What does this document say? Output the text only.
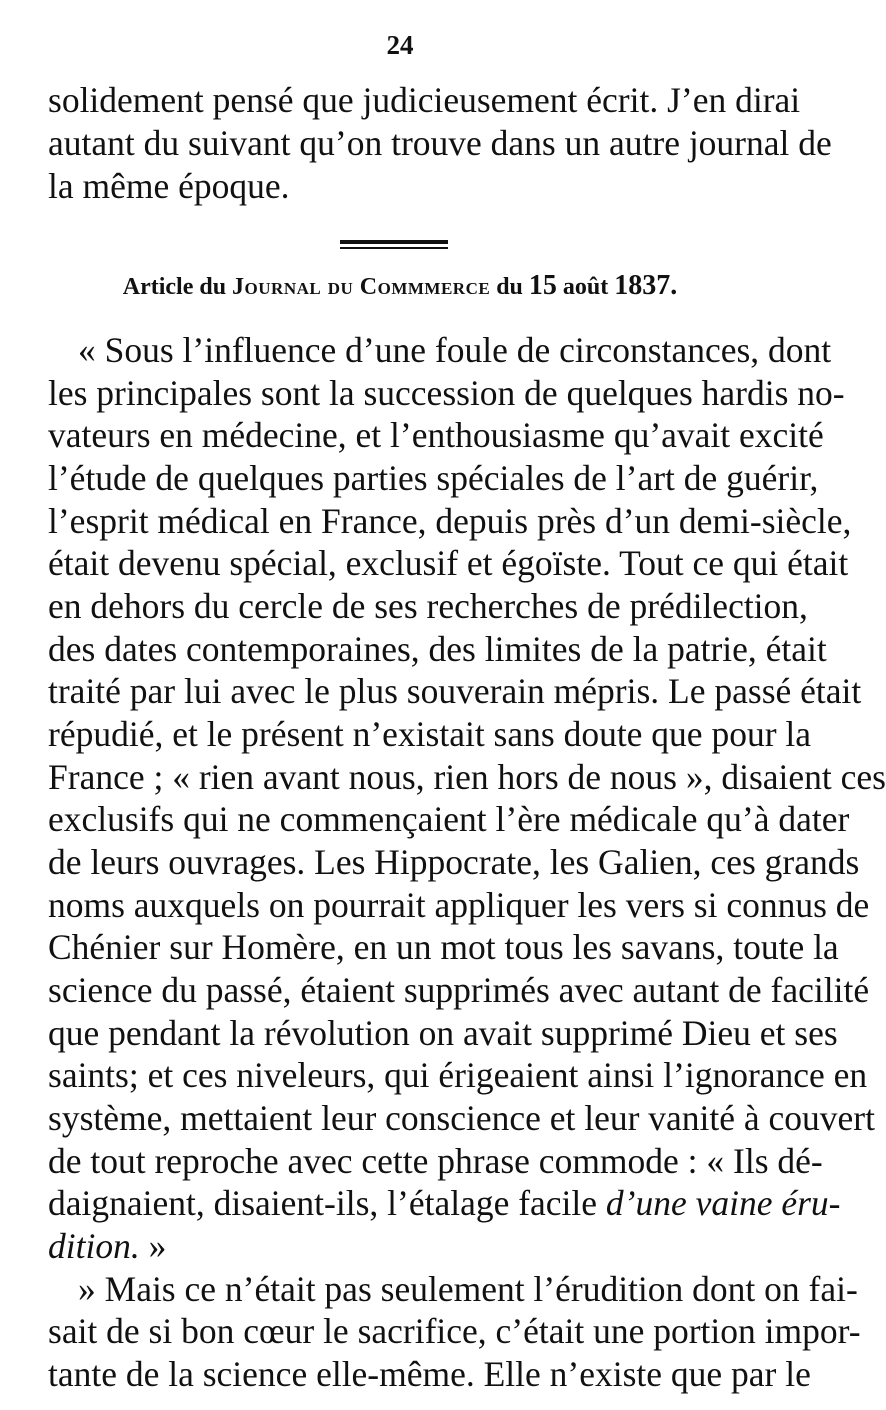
24
solidement pensé que judicieusement écrit. J’en dirai
autant du suivant qu’on trouve dans un autre journal de
la même époque.
Article du Journal du Commmerce du 15 août 1837.
« Sous l’influence d’une foule de circonstances, dont
les principales sont la succession de quelques hardis no-
vateurs en médecine, et l’enthousiasme qu’avait excité
l’étude de quelques parties spéciales de l’art de guérir,
l’esprit médical en France, depuis près d’un demi-siècle,
était devenu spécial, exclusif et égoïste. Tout ce qui était
en dehors du cercle de ses recherches de prédilection,
des dates contemporaines, des limites de la patrie, était
traité par lui avec le plus souverain mépris. Le passé était
répudié, et le présent n’existait sans doute que pour la
France ; « rien avant nous, rien hors de nous », disaient ces
exclusifs qui ne commençaient l’ère médicale qu’à dater
de leurs ouvrages. Les Hippocrate, les Galien, ces grands
noms auxquels on pourrait appliquer les vers si connus de
Chénier sur Homère, en un mot tous les savans, toute la
science du passé, étaient supprimés avec autant de facilité
que pendant la révolution on avait supprimé Dieu et ses
saints; et ces niveleurs, qui érigeaient ainsi l’ignorance en
système, mettaient leur conscience et leur vanité à couvert
de tout reproche avec cette phrase commode : « Ils dé-
daignaient, disaient-ils, l’étalage facile d’une vaine éru-
dition. »
» Mais ce n’était pas seulement l’érudition dont on fai-
sait de si bon cœur le sacrifice, c’était une portion impor-
tante de la science elle-même. Elle n’existe que par le
